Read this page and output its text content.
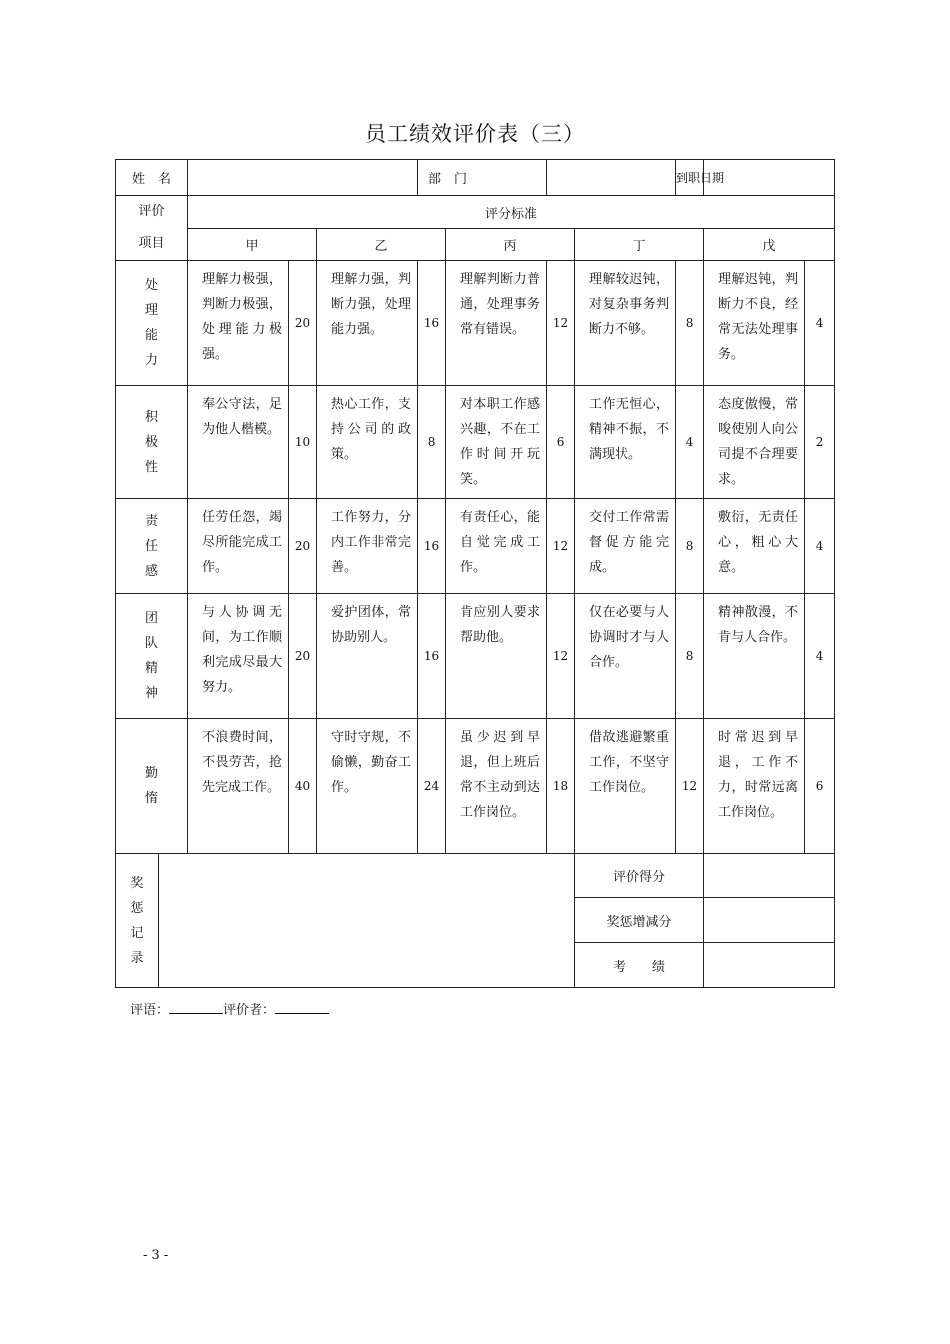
员工绩效评价表（三）
姓　名					部　门				到职日期		

评价
项目		评分标准									
		甲		乙		丙		丁		戊	

处
理
能
力		理解力极强，判断力极强，处理能力极强。	20	理解力强，判断力强，处理能力强。	16	理解判断力普通，处理事务常有错误。	12	理解较迟钝，对复杂事务判断力不够。	8	理解迟钝，判断力不良，经常无法处理事务。	4

积
极
性		奉公守法，足为他人楷模。	10	热心工作，支持公司的政策。	8	对本职工作感兴趣，不在工作时间开玩笑。	6	工作无恒心，精神不振，不满现状。	4	态度傲慢，常唆使别人向公司提不合理要求。	2

责
任
感		任劳任怨，竭尽所能完成工作。	20	工作努力，分内工作非常完善。	16	有责任心，能自觉完成工作。	12	交付工作常需督促方能完成。	8	敷衍，无责任心，粗心大意。	4

团
队
精
神		与人协调无间，为工作顺利完成尽最大努力。	20	爱护团体，常协助别人。	16	肯应别人要求帮助他。	12	仅在必要与人协调时才与人合作。	8	精神散漫，不肯与人合作。	4

勤
惰		不浪费时间，不畏劳苦，抢先完成工作。	40	守时守规，不偷懒，勤奋工作。	24	虽少迟到早退，但上班后常不主动到达工作岗位。	18	借故逃避繁重工作，不坚守工作岗位。	12	时常迟到早退，工作不力，时常远离工作岗位。	6

奖
惩
记
录								评价得分			
								奖惩增减分			
								考　　绩			
评语：	评价者：
- 3 -
